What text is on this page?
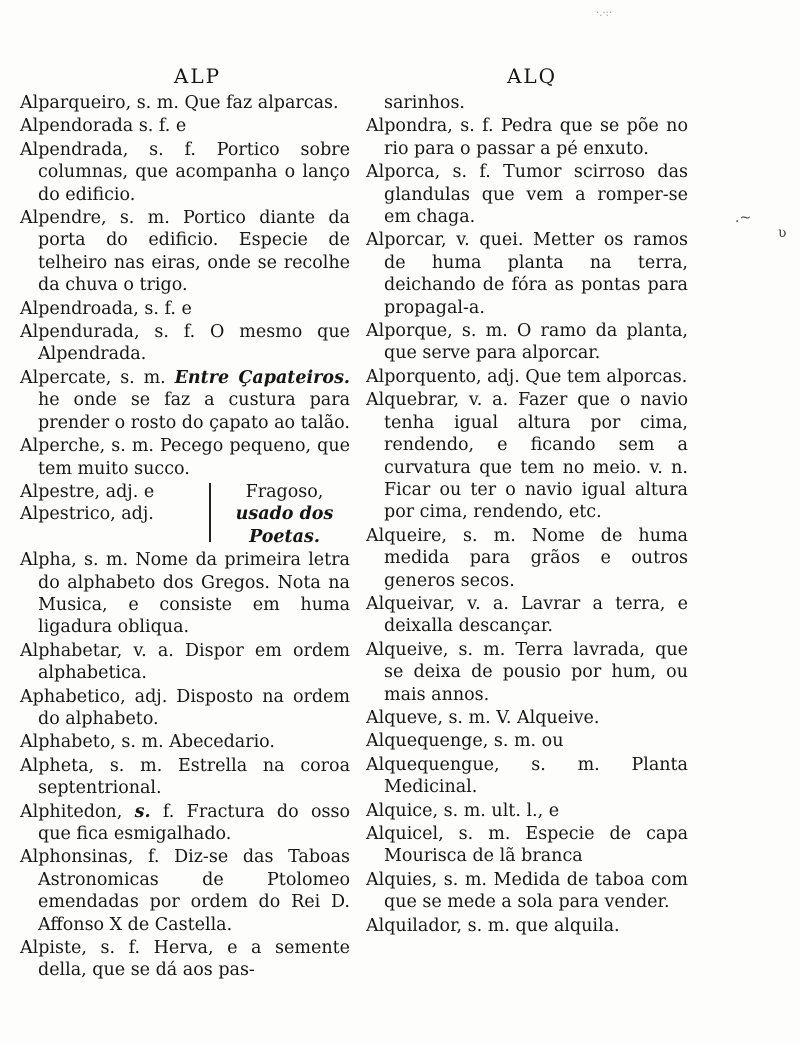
ALP

Alparqueiro, s. m. Que faz alparcas.

Alpendorada s. f. e

Alpendrada, s. f. Portico sobre columnas, que acompanha o lanço do edificio.

Alpendre, s. m. Portico diante da porta do edificio. Especie de telheiro nas eiras, onde se recolhe da chuva o trigo.

Alpendroada, s. f. e

Alpendurada, s. f. O mesmo que Alpendrada.

Alpercate, s. m. Entre Çapateiros. he onde se faz a custura para prender o rosto do çapato ao talão.

Alperche, s. m. Pecego pequeno, que tem muito succo.

Alpestre, adj. e
Alpestrico, adj.
Fragoso,
usado dos Poetas.

Alpha, s. m. Nome da primeira letra do alphabeto dos Gregos. Nota na Musica, e consiste em huma ligadura obliqua.

Alphabetar, v. a. Dispor em ordem alphabetica.

Aphabetico, adj. Disposto na ordem do alphabeto.

Alphabeto, s. m. Abecedario.

Alpheta, s. m. Estrella na coroa septentrional.

Alphitedon, s. f. Fractura do osso que fica esmigalhado.

Alphonsinas, f. Diz-se das Taboas Astronomicas de Ptolomeo emendadas por ordem do Rei D. Affonso X de Castella.

Alpiste, s. f. Herva, e a semente della, que se dá aos pas-

ALQ

sarinhos.

Alpondra, s. f. Pedra que se põe no rio para o passar a pé enxuto.

Alporca, s. f. Tumor scirroso das glandulas que vem a romper-se em chaga.

Alporcar, v. quei. Metter os ramos de huma planta na terra, deichando de fóra as pontas para propagal-a.

Alporque, s. m. O ramo da planta, que serve para alporcar.

Alporquento, adj. Que tem alporcas.

Alquebrar, v. a. Fazer que o navio tenha igual altura por cima, rendendo, e ficando sem a curvatura que tem no meio. v. n. Ficar ou ter o navio igual altura por cima, rendendo, etc.

Alqueire, s. m. Nome de huma medida para grãos e outros generos secos.

Alqueivar, v. a. Lavrar a terra, e deixalla descançar.

Alqueive, s. m. Terra lavrada, que se deixa de pousio por hum, ou mais annos.

Alqueve, s. m. V. Alqueive.

Alquequenge, s. m. ou

Alquequengue, s. m. Planta Medicinal.

Alquice, s. m. ult. l., e

Alquicel, s. m. Especie de capa Mourisca de lã branca

Alquies, s. m. Medida de taboa com que se mede a sola para vender.

Alquilador, s. m. que alquila.

.~
ʋ
·.·:·
